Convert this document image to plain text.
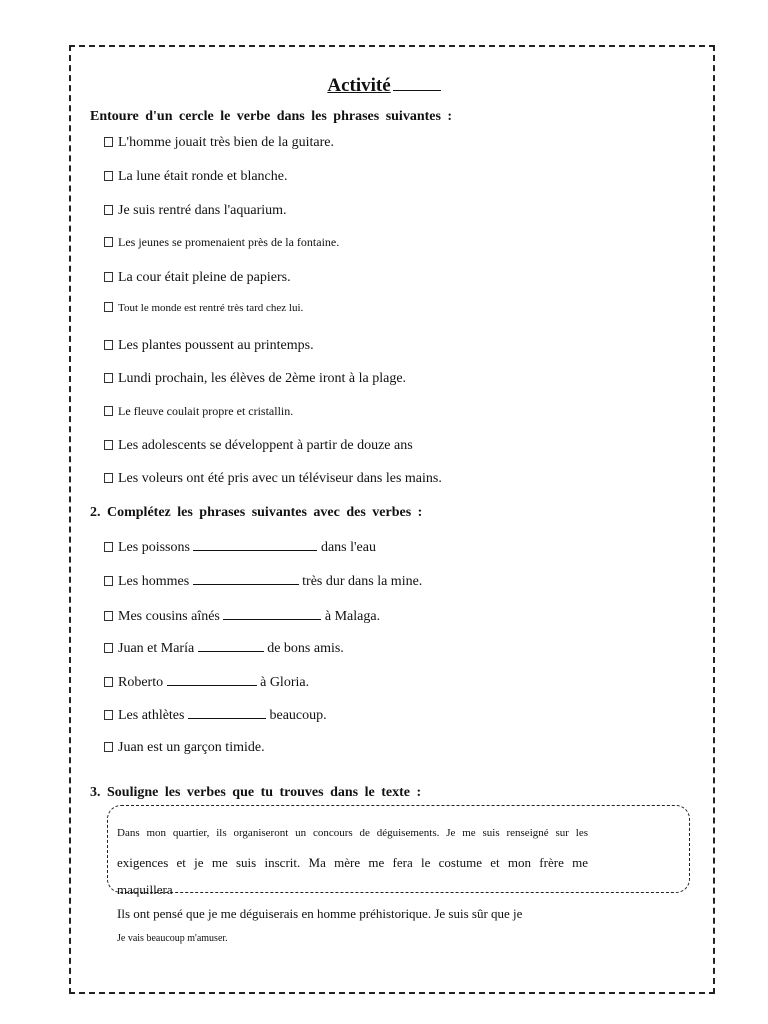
Activité
Entoure d'un cercle le verbe dans les phrases suivantes :
L'homme jouait très bien de la guitare.
La lune était ronde et blanche.
Je suis rentré dans l'aquarium.
Les jeunes se promenaient près de la fontaine.
La cour était pleine de papiers.
Tout le monde est rentré très tard chez lui.
Les plantes poussent au printemps.
Lundi prochain, les élèves de 2ème iront à la plage.
Le fleuve coulait propre et cristallin.
Les adolescents se développent à partir de douze ans
Les voleurs ont été pris avec un téléviseur dans les mains.
2. Complétez les phrases suivantes avec des verbes :
Les poissons	dans l'eau
Les hommes	très dur dans la mine.
Mes cousins aînés	à Malaga.
Juan et María	de bons amis.
Roberto	à Gloria.
Les athlètes	beaucoup.
Juan est un garçon timide.
3. Souligne les verbes que tu trouves dans le texte :
Dans mon quartier, ils organiseront un concours de déguisements. Je me suis renseigné sur les
exigences et je me suis inscrit. Ma mère me fera le costume et mon frère me
maquillera
Ils ont pensé que je me déguiserais en homme préhistorique. Je suis sûr que je
Je vais beaucoup m'amuser.
